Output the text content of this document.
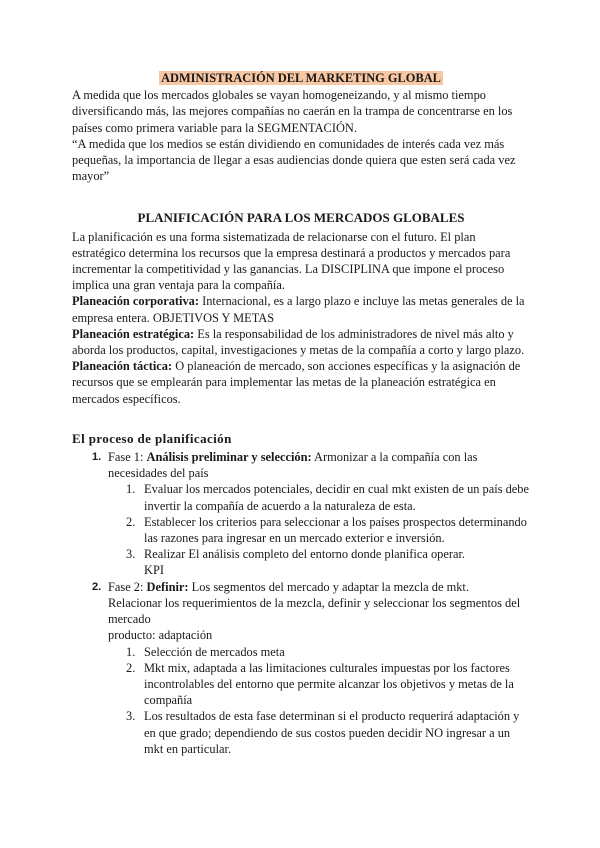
ADMINISTRACIÓN DEL MARKETING GLOBAL

A medida que los mercados globales se vayan homogeneizando, y al mismo tiempo diversificando más, las mejores compañías no caerán en la trampa de concentrarse en los países como primera variable para la SEGMENTACIÓN.

“A medida que los medios se están dividiendo en comunidades de interés cada vez más pequeñas, la importancia de llegar a esas audiencias donde quiera que esten será cada vez mayor”

PLANIFICACIÓN PARA LOS MERCADOS GLOBALES

La planificación es una forma sistematizada de relacionarse con el futuro. El plan estratégico determina los recursos que la empresa destinará a productos y mercados para incrementar la competitividad y las ganancias. La DISCIPLINA que impone el proceso implica una gran ventaja para la compañía.

Planeación corporativa: Internacional, es a largo plazo e incluye las metas generales de la empresa entera. OBJETIVOS Y METAS

Planeación estratégica: Es la responsabilidad de los administradores de nivel más alto y aborda los productos, capital, investigaciones y metas de la compañía a corto y largo plazo.

Planeación táctica: O planeación de mercado, son acciones específicas y la asignación de recursos que se emplearán para implementar las metas de la planeación estratégica en mercados específicos.

El proceso de planificación
1. Fase 1: Análisis preliminar y selección: Armonizar a la compañía con las necesidades del país
1. Evaluar los mercados potenciales, decidir en cual mkt existen de un país debe invertir la compañía de acuerdo a la naturaleza de esta.
2. Establecer los criterios para seleccionar a los países prospectos determinando las razones para ingresar en un mercado exterior e inversión.
3. Realizar El análisis completo del entorno donde planifica operar.
KPI
2. Fase 2: Definir: Los segmentos del mercado y adaptar la mezcla de mkt.
Relacionar los requerimientos de la mezcla, definir y seleccionar los segmentos del mercado
producto: adaptación
1. Selección de mercados meta
2. Mkt mix, adaptada a las limitaciones culturales impuestas por los factores incontrolables del entorno que permite alcanzar los objetivos y metas de la compañía
3. Los resultados de esta fase determinan si el producto requerirá adaptación y en que grado; dependiendo de sus costos pueden decidir NO ingresar a un mkt en particular.
